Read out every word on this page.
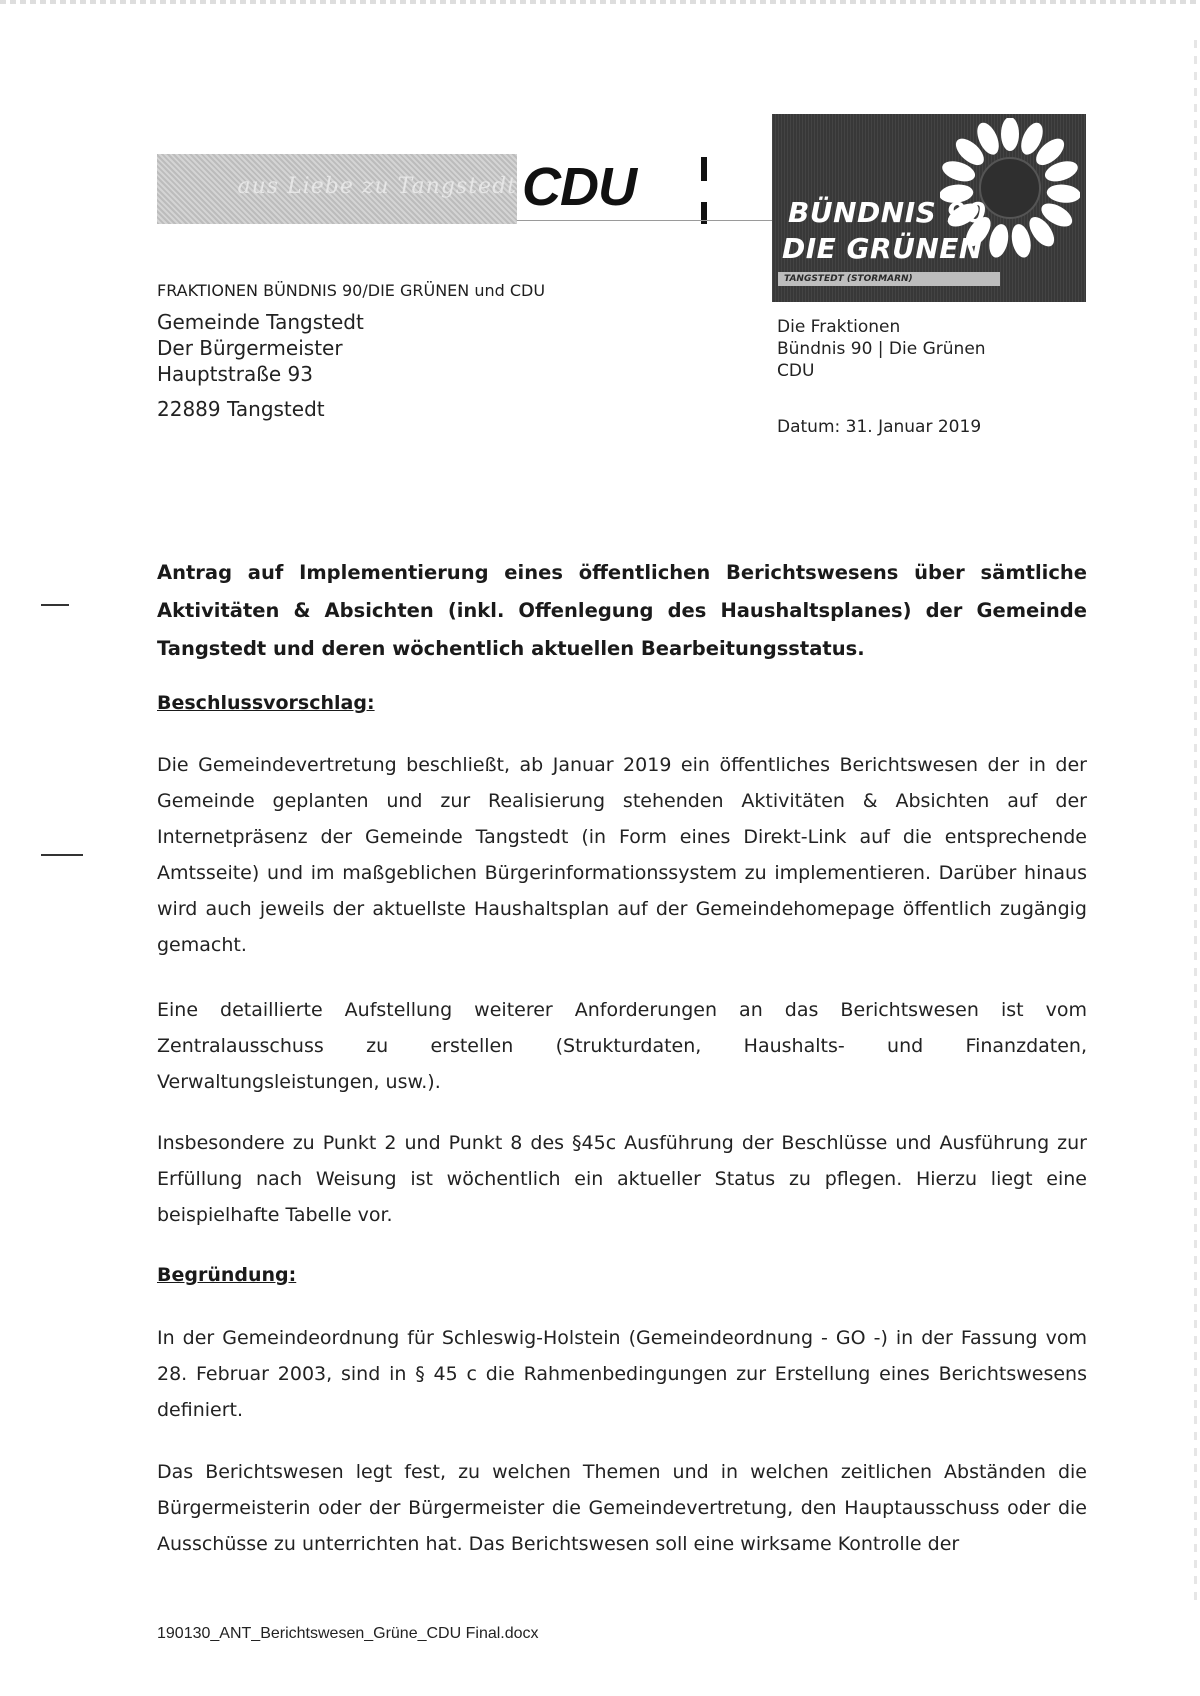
aus Liebe zu Tangstedt CDU	BÜNDNIS 90
DIE GRÜNEN
TANGSTEDT (STORMARN)
FRAKTIONEN BÜNDNIS 90/DIE GRÜNEN und CDU
Gemeinde Tangstedt
Der Bürgermeister
Hauptstraße 93
22889 Tangstedt
Die Fraktionen
Bündnis 90 | Die Grünen
CDU
Datum: 31. Januar 2019
Antrag auf Implementierung eines öffentlichen Berichtswesens über sämtliche Aktivitäten & Absichten (inkl. Offenlegung des Haushaltsplanes) der Gemeinde Tangstedt und deren wöchentlich aktuellen Bearbeitungsstatus.
Beschlussvorschlag:
Die Gemeindevertretung beschließt, ab Januar 2019 ein öffentliches Berichtswesen der in der Gemeinde geplanten und zur Realisierung stehenden Aktivitäten & Absichten auf der Internetpräsenz der Gemeinde Tangstedt (in Form eines Direkt-Link auf die entsprechende Amtsseite) und im maßgeblichen Bürgerinformationssystem zu implementieren. Darüber hinaus wird auch jeweils der aktuellste Haushaltsplan auf der Gemeindehomepage öffentlich zugängig gemacht.
Eine detaillierte Aufstellung weiterer Anforderungen an das Berichtswesen ist vom Zentralausschuss zu erstellen (Strukturdaten, Haushalts- und Finanzdaten, Verwaltungsleistungen, usw.).
Insbesondere zu Punkt 2 und Punkt 8 des §45c Ausführung der Beschlüsse und Ausführung zur Erfüllung nach Weisung ist wöchentlich ein aktueller Status zu pflegen. Hierzu liegt eine beispielhafte Tabelle vor.
Begründung:
In der Gemeindeordnung für Schleswig-Holstein (Gemeindeordnung - GO -) in der Fassung vom 28. Februar 2003, sind in § 45 c die Rahmenbedingungen zur Erstellung eines Berichtswesens definiert.
Das Berichtswesen legt fest, zu welchen Themen und in welchen zeitlichen Abständen die Bürgermeisterin oder der Bürgermeister die Gemeindevertretung, den Hauptausschuss oder die Ausschüsse zu unterrichten hat. Das Berichtswesen soll eine wirksame Kontrolle der
190130_ANT_Berichtswesen_Grüne_CDU Final.docx
